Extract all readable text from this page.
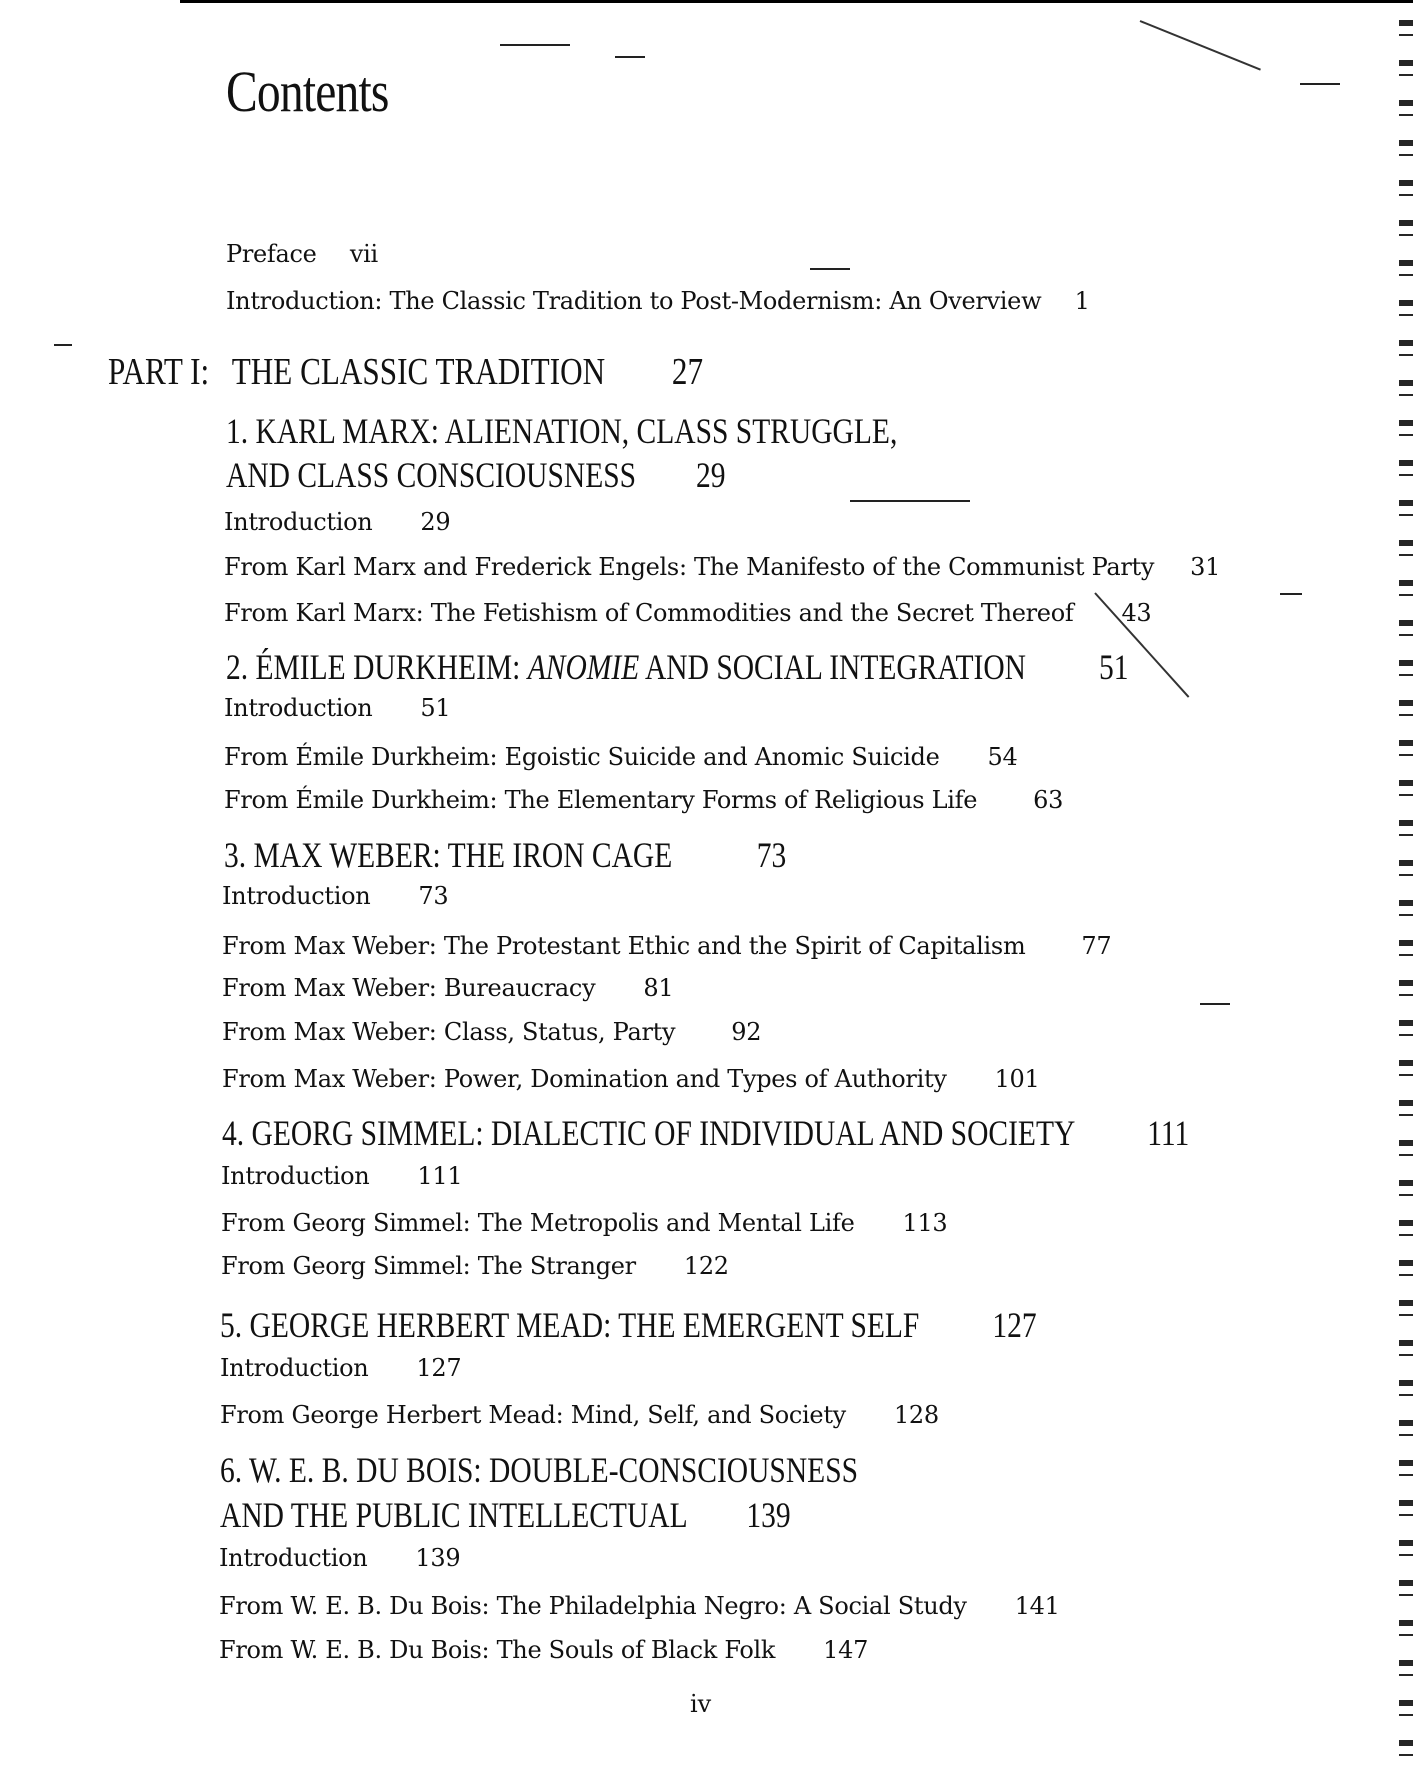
Contents
Preface vii
Introduction: The Classic Tradition to Post-Modernism: An Overview 1
PART I: THE CLASSIC TRADITION 27
1. KARL MARX: ALIENATION, CLASS STRUGGLE,
AND CLASS CONSCIOUSNESS 29
Introduction 29
From Karl Marx and Frederick Engels: The Manifesto of the Communist Party 31
From Karl Marx: The Fetishism of Commodities and the Secret Thereof 43
2. ÉMILE DURKHEIM: ANOMIE AND SOCIAL INTEGRATION 51
Introduction 51
From Émile Durkheim: Egoistic Suicide and Anomic Suicide 54
From Émile Durkheim: The Elementary Forms of Religious Life 63
3. MAX WEBER: THE IRON CAGE 73
Introduction 73
From Max Weber: The Protestant Ethic and the Spirit of Capitalism 77
From Max Weber: Bureaucracy 81
From Max Weber: Class, Status, Party 92
From Max Weber: Power, Domination and Types of Authority 101
4. GEORG SIMMEL: DIALECTIC OF INDIVIDUAL AND SOCIETY 111
Introduction 111
From Georg Simmel: The Metropolis and Mental Life 113
From Georg Simmel: The Stranger 122
5. GEORGE HERBERT MEAD: THE EMERGENT SELF 127
Introduction 127
From George Herbert Mead: Mind, Self, and Society 128
6. W. E. B. DU BOIS: DOUBLE-CONSCIOUSNESS
AND THE PUBLIC INTELLECTUAL 139
Introduction 139
From W. E. B. Du Bois: The Philadelphia Negro: A Social Study 141
From W. E. B. Du Bois: The Souls of Black Folk 147
iv
